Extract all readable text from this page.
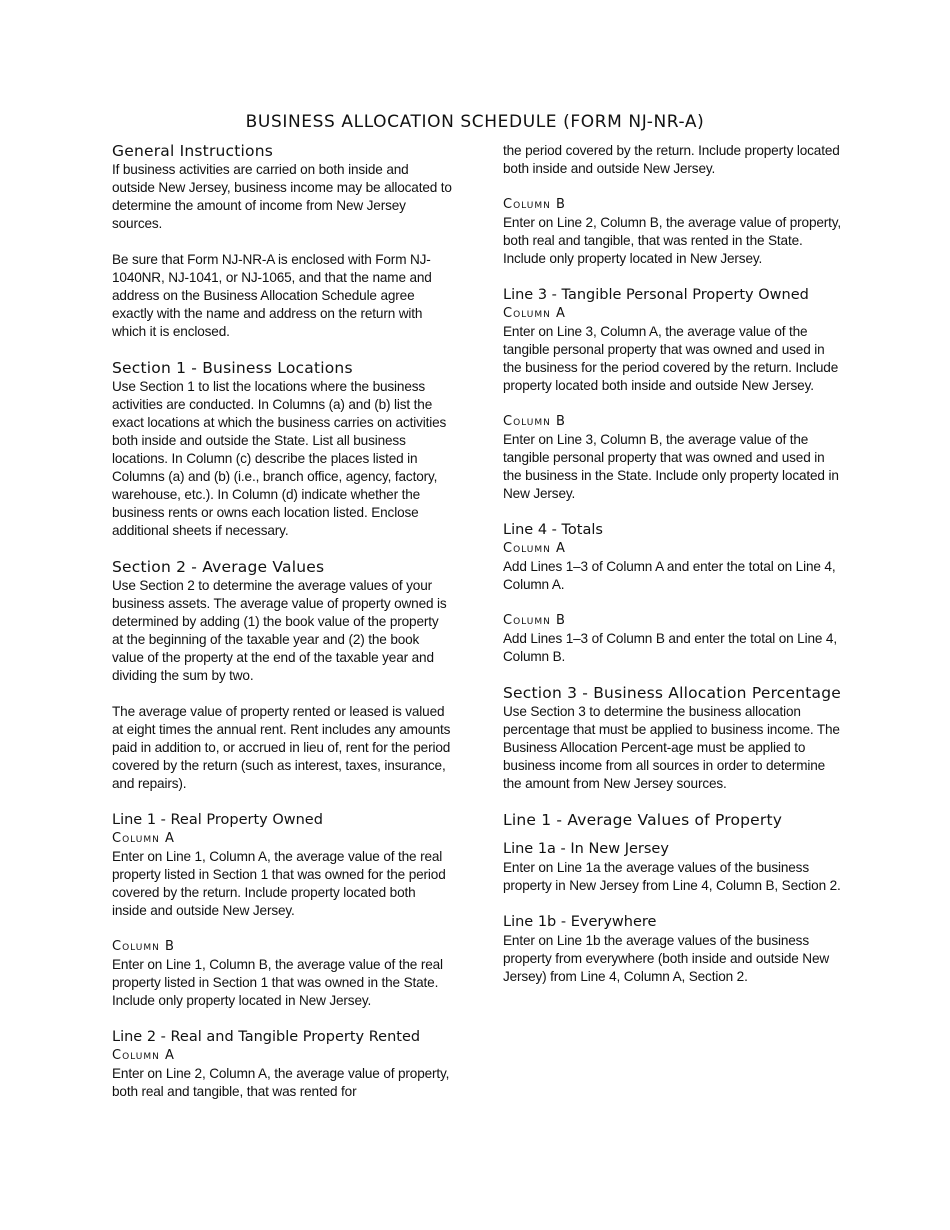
BUSINESS ALLOCATION SCHEDULE (FORM NJ-NR-A)
General Instructions

If business activities are carried on both inside and outside New Jersey, business income may be allocated to determine the amount of income from New Jersey sources.

Be sure that Form NJ-NR-A is enclosed with Form NJ-1040NR, NJ-1041, or NJ-1065, and that the name and address on the Business Allocation Schedule agree exactly with the name and address on the return with which it is enclosed.

Section 1 - Business Locations

Use Section 1 to list the locations where the business activities are conducted. In Columns (a) and (b) list the exact locations at which the business carries on activities both inside and outside the State. List all business locations. In Column (c) describe the places listed in Columns (a) and (b) (i.e., branch office, agency, factory, warehouse, etc.). In Column (d) indicate whether the business rents or owns each location listed. Enclose additional sheets if necessary.

Section 2 - Average Values

Use Section 2 to determine the average values of your business assets. The average value of property owned is determined by adding (1) the book value of the property at the beginning of the taxable year and (2) the book value of the property at the end of the taxable year and dividing the sum by two.

The average value of property rented or leased is valued at eight times the annual rent. Rent includes any amounts paid in addition to, or accrued in lieu of, rent for the period covered by the return (such as interest, taxes, insurance, and repairs).

Line 1 - Real Property Owned

Column A

Enter on Line 1, Column A, the average value of the real property listed in Section 1 that was owned for the period covered by the return. Include property located both inside and outside New Jersey.

Column B

Enter on Line 1, Column B, the average value of the real property listed in Section 1 that was owned in the State. Include only property located in New Jersey.

Line 2 - Real and Tangible Property Rented

Column A

Enter on Line 2, Column A, the average value of property, both real and tangible, that was rented for

the period covered by the return. Include property located both inside and outside New Jersey.

Column B

Enter on Line 2, Column B, the average value of property, both real and tangible, that was rented in the State. Include only property located in New Jersey.

Line 3 - Tangible Personal Property Owned

Column A

Enter on Line 3, Column A, the average value of the tangible personal property that was owned and used in the business for the period covered by the return. Include property located both inside and outside New Jersey.

Column B

Enter on Line 3, Column B, the average value of the tangible personal property that was owned and used in the business in the State. Include only property located in New Jersey.

Line 4 - Totals

Column A

Add Lines 1–3 of Column A and enter the total on Line 4, Column A.

Column B

Add Lines 1–3 of Column B and enter the total on Line 4, Column B.

Section 3 - Business Allocation Percentage

Use Section 3 to determine the business allocation percentage that must be applied to business income. The Business Allocation Percent-age must be applied to business income from all sources in order to determine the amount from New Jersey sources.

Line 1 - Average Values of Property
Line 1a - In New Jersey

Enter on Line 1a the average values of the business property in New Jersey from Line 4, Column B, Section 2.

Line 1b - Everywhere

Enter on Line 1b the average values of the business property from everywhere (both inside and outside New Jersey) from Line 4, Column A, Section 2.
